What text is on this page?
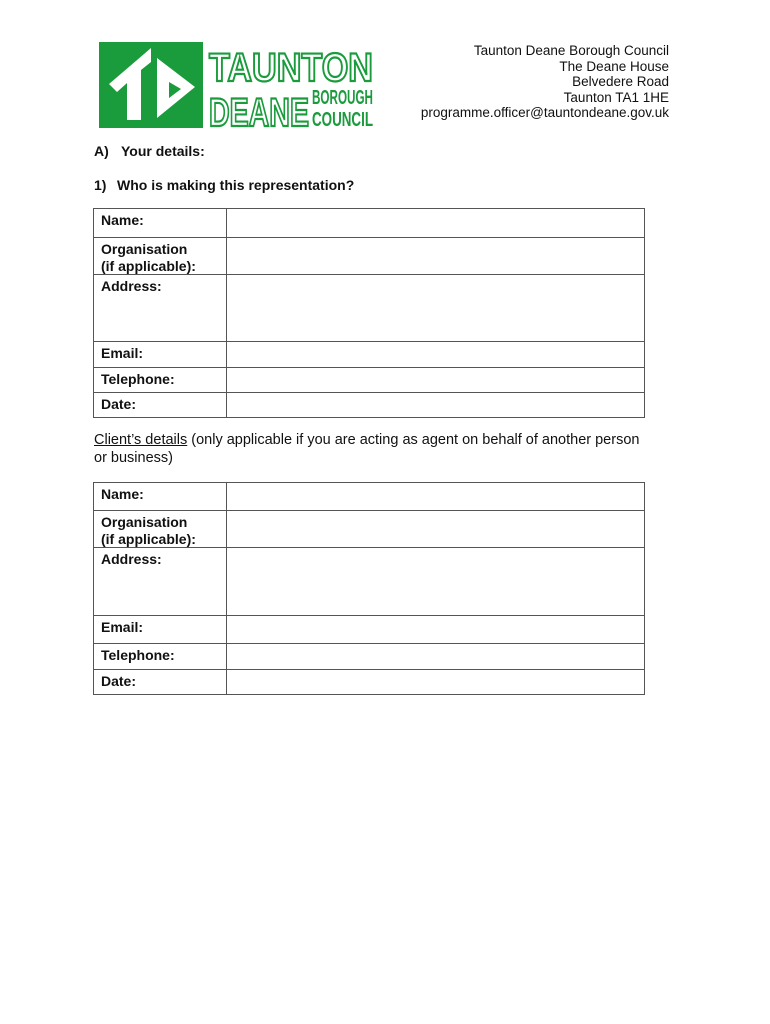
TAUNTON
DEANE BOROUGH
COUNCIL
Taunton Deane Borough Council
The Deane House
Belvedere Road
Taunton TA1 1HE
programme.officer@tauntondeane.gov.uk
A) Your details:
1) Who is making this representation?
Name:	
Organisation
(if applicable):	
Address:	
Email:	
Telephone:	
Date:	
Client’s details (only applicable if you are acting as agent on behalf of another person or business)
Name:	
Organisation
(if applicable):	
Address:	
Email:	
Telephone:	
Date:	
